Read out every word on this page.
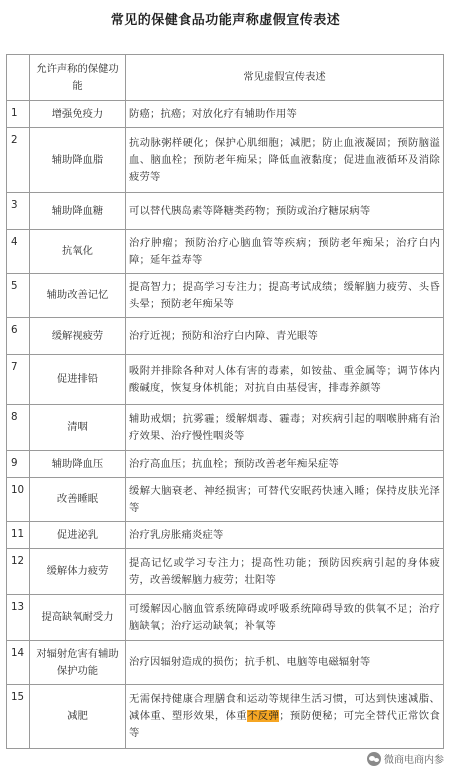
常见的保健食品功能声称虚假宣传表述
	允许声称的保健功能	常见虚假宣传表述
1	增强免疫力	防癌；抗癌；对放化疗有辅助作用等
2	辅助降血脂	抗动脉粥样硬化；保护心肌细胞；减肥；防止血液凝固；预防脑溢血、脑血栓；预防老年痴呆；降低血液黏度；促进血液循环及消除疲劳等
3	辅助降血糖	可以替代胰岛素等降糖类药物；预防或治疗糖尿病等
4	抗氧化	治疗肿瘤；预防治疗心脑血管等疾病；预防老年痴呆；治疗白内障；延年益寿等
5	辅助改善记忆	提高智力；提高学习专注力；提高考试成绩；缓解脑力疲劳、头昏头晕；预防老年痴呆等
6	缓解视疲劳	治疗近视；预防和治疗白内障、青光眼等
7	促进排铅	吸附并排除各种对人体有害的毒素，如铵盐、重金属等；调节体内酸碱度，恢复身体机能；对抗自由基侵害，排毒养颜等
8	清咽	辅助戒烟；抗雾霾；缓解烟毒、霾毒；对疾病引起的咽喉肿痛有治疗效果、治疗慢性咽炎等
9	辅助降血压	治疗高血压；抗血栓；预防改善老年痴呆症等
10	改善睡眠	缓解大脑衰老、神经损害；可替代安眠药快速入睡；保持皮肤光泽等
11	促进泌乳	治疗乳房胀痛炎症等
12	缓解体力疲劳	提高记忆或学习专注力；提高性功能；预防因疾病引起的身体疲劳，改善缓解脑力疲劳；壮阳等
13	提高缺氧耐受力	可缓解因心脑血管系统障碍或呼吸系统障碍导致的供氧不足；治疗脑缺氧；治疗运动缺氧；补氧等
14	对辐射危害有辅助保护功能	治疗因辐射造成的损伤；抗手机、电脑等电磁辐射等
15	减肥	无需保持健康合理膳食和运动等规律生活习惯，可达到快速减脂、减体重、塑形效果，体重不反弹；预防便秘；可完全替代正常饮食等
微商电商内参
